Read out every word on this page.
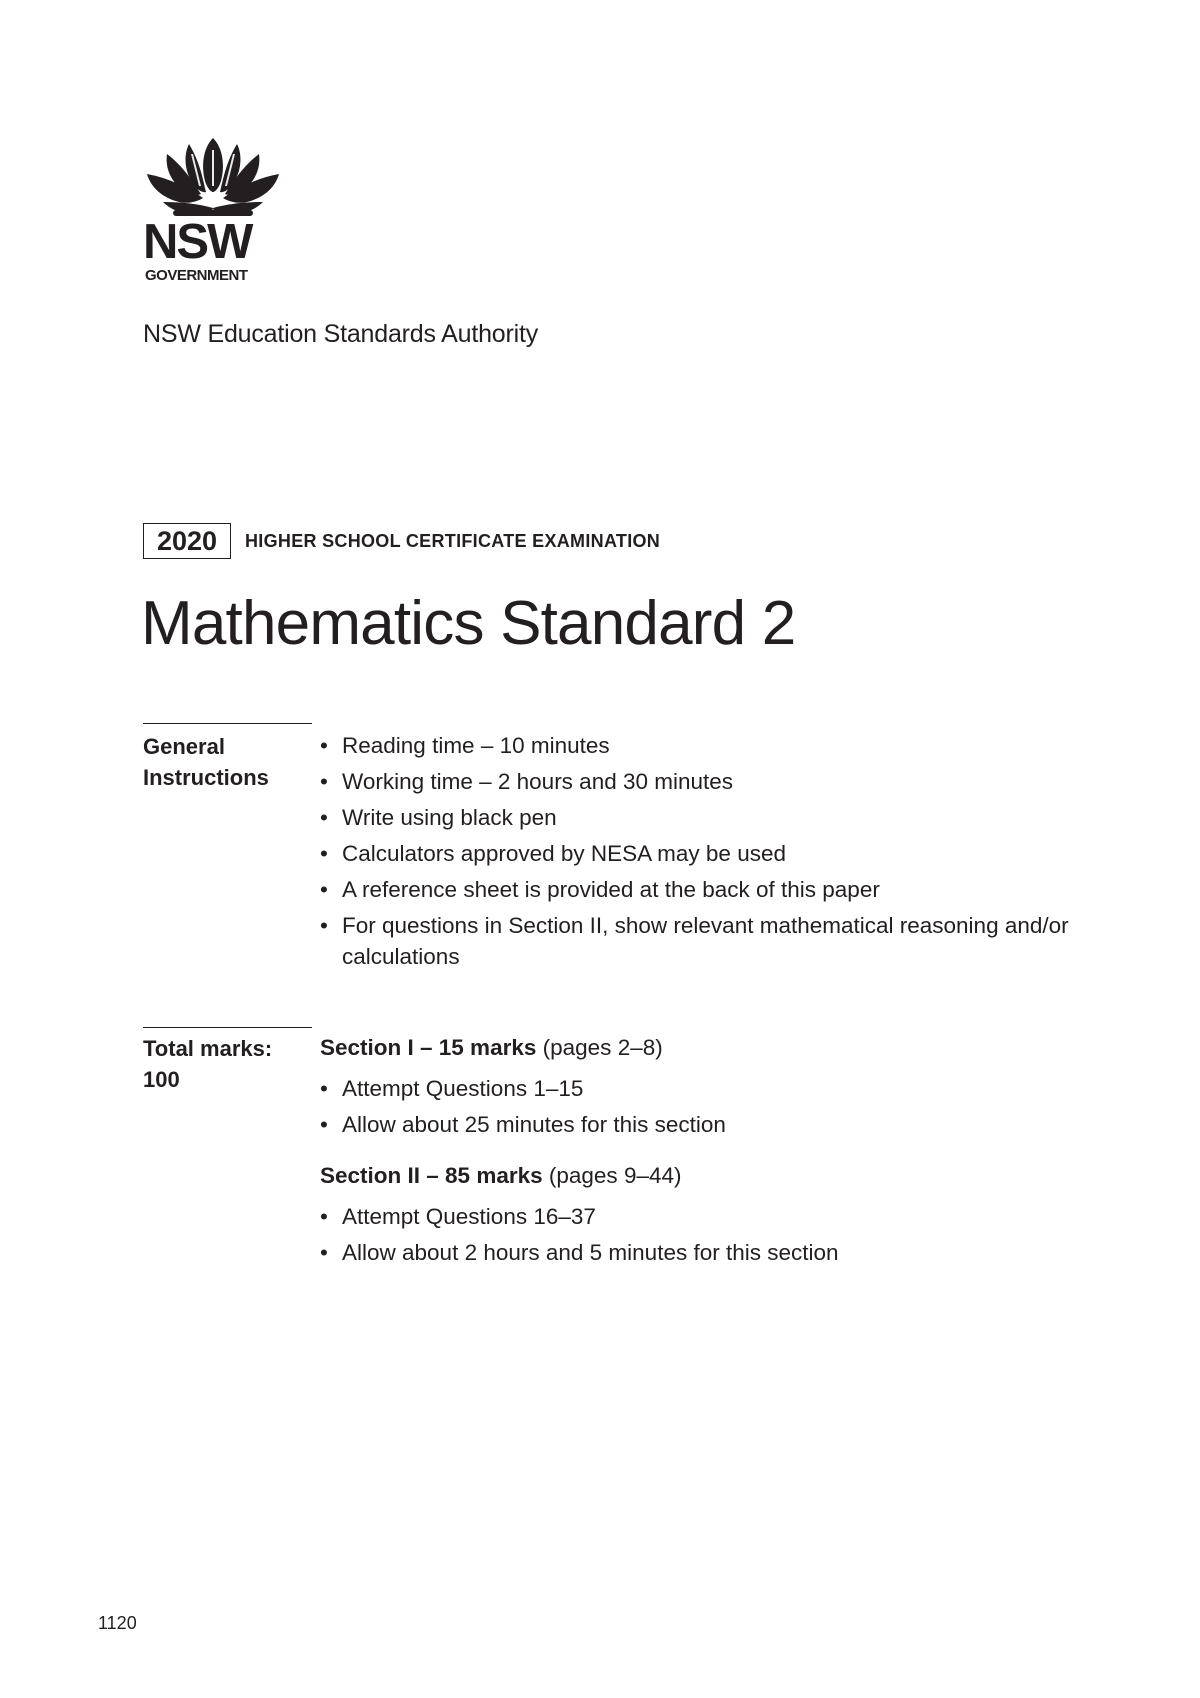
NSW
GOVERNMENT
NSW Education Standards Authority
2020	HIGHER SCHOOL CERTIFICATE EXAMINATION
Mathematics Standard 2
General
Instructions
• Reading time – 10 minutes
• Working time – 2 hours and 30 minutes
• Write using black pen
• Calculators approved by NESA may be used
• A reference sheet is provided at the back of this paper
• For questions in Section II, show relevant mathematical reasoning and/or calculations
Total marks:
100
Section I – 15 marks (pages 2–8)
• Attempt Questions 1–15
• Allow about 25 minutes for this section
Section II – 85 marks (pages 9–44)
• Attempt Questions 16–37
• Allow about 2 hours and 5 minutes for this section
1120
